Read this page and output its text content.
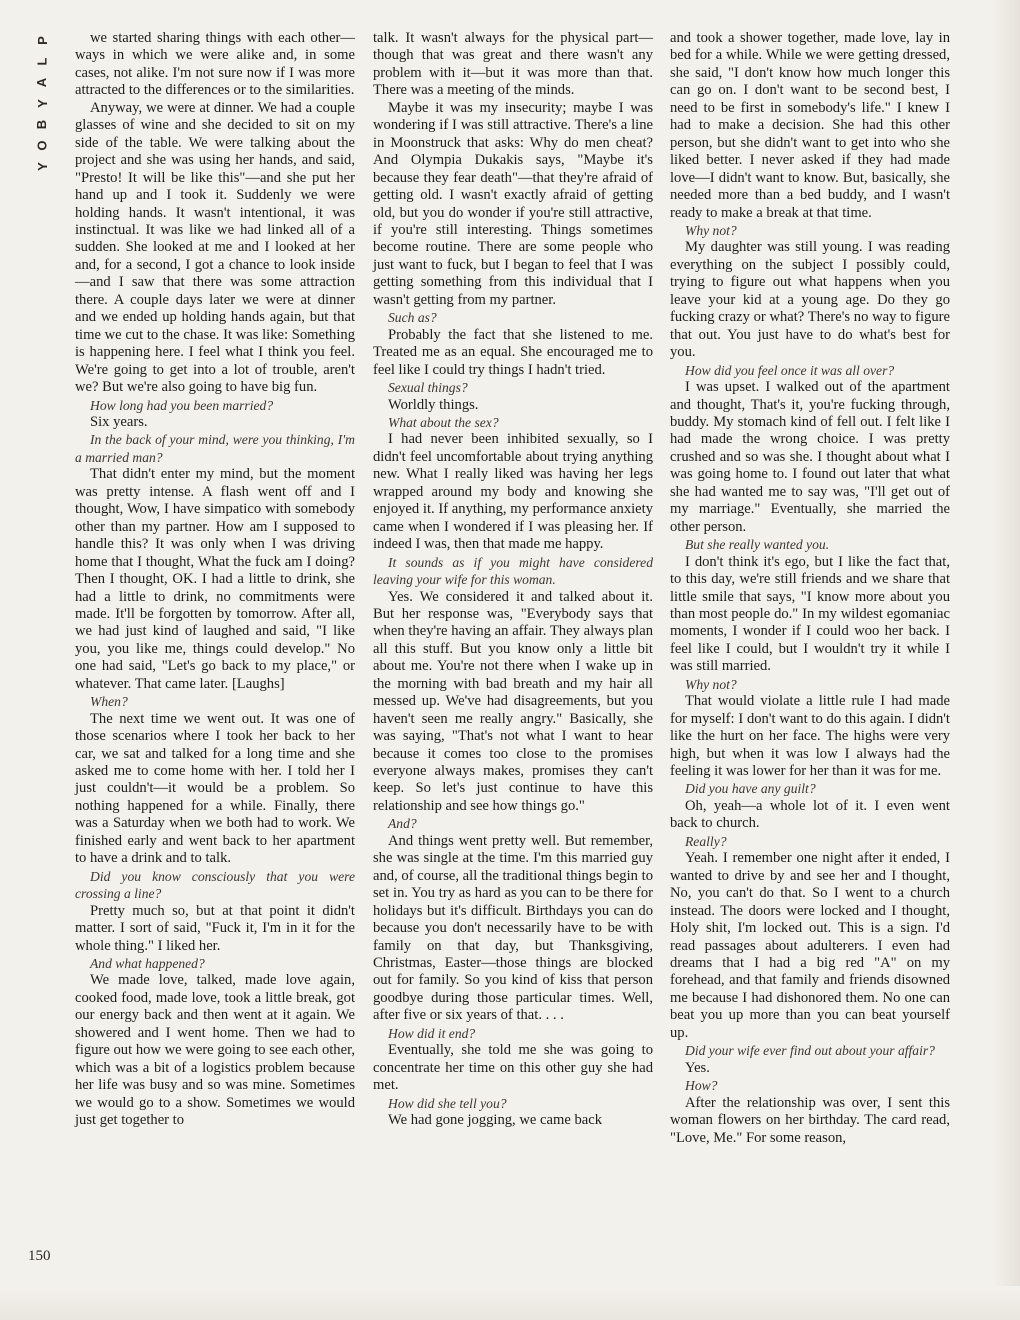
P
L
A
Y
B
O
Y

we started sharing things with each other—ways in which we were alike and, in some cases, not alike. I'm not sure now if I was more attracted to the differences or to the similarities.

Anyway, we were at dinner. We had a couple glasses of wine and she decided to sit on my side of the table. We were talking about the project and she was using her hands, and said, "Presto! It will be like this"—and she put her hand up and I took it. Suddenly we were holding hands. It wasn't intentional, it was instinctual. It was like we had linked all of a sudden. She looked at me and I looked at her and, for a second, I got a chance to look inside—and I saw that there was some attraction there. A couple days later we were at dinner and we ended up holding hands again, but that time we cut to the chase. It was like: Something is happening here. I feel what I think you feel. We're going to get into a lot of trouble, aren't we? But we're also going to have big fun.

How long had you been married?

Six years.

In the back of your mind, were you thinking, I'm a married man?

That didn't enter my mind, but the moment was pretty intense. A flash went off and I thought, Wow, I have simpatico with somebody other than my partner. How am I supposed to handle this? It was only when I was driving home that I thought, What the fuck am I doing? Then I thought, OK. I had a little to drink, she had a little to drink, no commitments were made. It'll be forgotten by tomorrow. After all, we had just kind of laughed and said, "I like you, you like me, things could develop." No one had said, "Let's go back to my place," or whatever. That came later. [Laughs]

When?

The next time we went out. It was one of those scenarios where I took her back to her car, we sat and talked for a long time and she asked me to come home with her. I told her I just couldn't—it would be a problem. So nothing happened for a while. Finally, there was a Saturday when we both had to work. We finished early and went back to her apartment to have a drink and to talk.

Did you know consciously that you were crossing a line?

Pretty much so, but at that point it didn't matter. I sort of said, "Fuck it, I'm in it for the whole thing." I liked her.

And what happened?

We made love, talked, made love again, cooked food, made love, took a little break, got our energy back and then went at it again. We showered and I went home. Then we had to figure out how we were going to see each other, which was a bit of a logistics problem because her life was busy and so was mine. Sometimes we would go to a show. Sometimes we would just get together to

talk. It wasn't always for the physical part—though that was great and there wasn't any problem with it—but it was more than that. There was a meeting of the minds.

Maybe it was my insecurity; maybe I was wondering if I was still attractive. There's a line in Moonstruck that asks: Why do men cheat? And Olympia Dukakis says, "Maybe it's because they fear death"—that they're afraid of getting old. I wasn't exactly afraid of getting old, but you do wonder if you're still attractive, if you're still interesting. Things sometimes become routine. There are some people who just want to fuck, but I began to feel that I was getting something from this individual that I wasn't getting from my partner.

Such as?

Probably the fact that she listened to me. Treated me as an equal. She encouraged me to feel like I could try things I hadn't tried.

Sexual things?

Worldly things.

What about the sex?

I had never been inhibited sexually, so I didn't feel uncomfortable about trying anything new. What I really liked was having her legs wrapped around my body and knowing she enjoyed it. If anything, my performance anxiety came when I wondered if I was pleasing her. If indeed I was, then that made me happy.

It sounds as if you might have considered leaving your wife for this woman.

Yes. We considered it and talked about it. But her response was, "Everybody says that when they're having an affair. They always plan all this stuff. But you know only a little bit about me. You're not there when I wake up in the morning with bad breath and my hair all messed up. We've had disagreements, but you haven't seen me really angry." Basically, she was saying, "That's not what I want to hear because it comes too close to the promises everyone always makes, promises they can't keep. So let's just continue to have this relationship and see how things go."

And?

And things went pretty well. But remember, she was single at the time. I'm this married guy and, of course, all the traditional things begin to set in. You try as hard as you can to be there for holidays but it's difficult. Birthdays you can do because you don't necessarily have to be with family on that day, but Thanksgiving, Christmas, Easter—those things are blocked out for family. So you kind of kiss that person goodbye during those particular times. Well, after five or six years of that. . . .

How did it end?

Eventually, she told me she was going to concentrate her time on this other guy she had met.

How did she tell you?

We had gone jogging, we came back

and took a shower together, made love, lay in bed for a while. While we were getting dressed, she said, "I don't know how much longer this can go on. I don't want to be second best, I need to be first in somebody's life." I knew I had to make a decision. She had this other person, but she didn't want to get into who she liked better. I never asked if they had made love—I didn't want to know. But, basically, she needed more than a bed buddy, and I wasn't ready to make a break at that time.

Why not?

My daughter was still young. I was reading everything on the subject I possibly could, trying to figure out what happens when you leave your kid at a young age. Do they go fucking crazy or what? There's no way to figure that out. You just have to do what's best for you.

How did you feel once it was all over?

I was upset. I walked out of the apartment and thought, That's it, you're fucking through, buddy. My stomach kind of fell out. I felt like I had made the wrong choice. I was pretty crushed and so was she. I thought about what I was going home to. I found out later that what she had wanted me to say was, "I'll get out of my marriage." Eventually, she married the other person.

But she really wanted you.

I don't think it's ego, but I like the fact that, to this day, we're still friends and we share that little smile that says, "I know more about you than most people do." In my wildest egomaniac moments, I wonder if I could woo her back. I feel like I could, but I wouldn't try it while I was still married.

Why not?

That would violate a little rule I had made for myself: I don't want to do this again. I didn't like the hurt on her face. The highs were very high, but when it was low I always had the feeling it was lower for her than it was for me.

Did you have any guilt?

Oh, yeah—a whole lot of it. I even went back to church.

Really?

Yeah. I remember one night after it ended, I wanted to drive by and see her and I thought, No, you can't do that. So I went to a church instead. The doors were locked and I thought, Holy shit, I'm locked out. This is a sign. I'd read passages about adulterers. I even had dreams that I had a big red "A" on my forehead, and that family and friends disowned me because I had dishonored them. No one can beat you up more than you can beat yourself up.

Did your wife ever find out about your affair?

Yes.

How?

After the relationship was over, I sent this woman flowers on her birthday. The card read, "Love, Me." For some reason,

150
